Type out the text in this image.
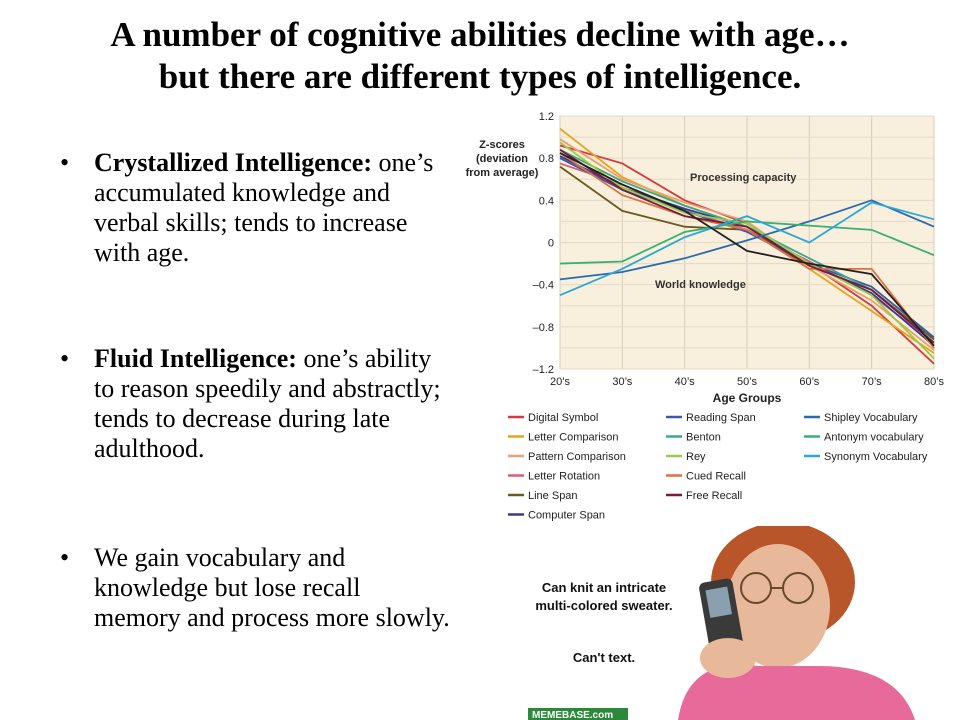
A number of cognitive abilities decline with age…
but there are different types of intelligence.
• Crystallized Intelligence: one’s accumulated knowledge and verbal skills; tends to increase with age.
• Fluid Intelligence: one’s ability to reason speedily and abstractly; tends to decrease during late adulthood.
• We gain vocabulary and knowledge but lose recall memory and process more slowly.
1.2
0.8
0.4
0
–0.4
–0.8
–1.2
20’s	30’s	40’s	50’s	60’s	70’s	80’s
Z-scores
(deviation
from average)
Age Groups
Processing capacity
World knowledge
Digital Symbol
Letter Comparison
Pattern Comparison
Letter Rotation
Line Span
Computer Span
Reading Span
Benton
Rey
Cued Recall
Free Recall
Shipley Vocabulary
Antonym vocabulary
Synonym Vocabulary
Can knit an intricate
multi-colored sweater.
Can't text.
MEMEBASE.com
